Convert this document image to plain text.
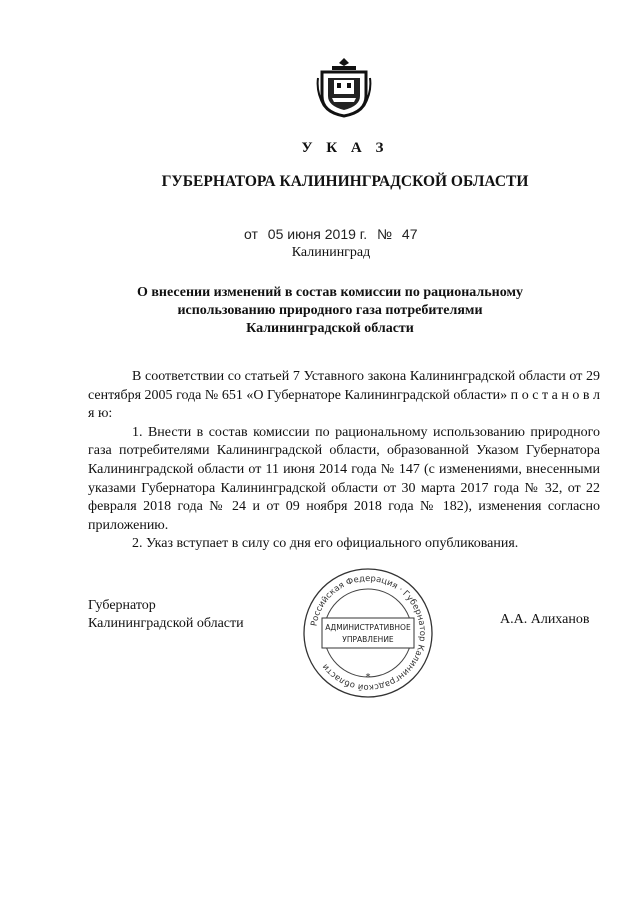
У К А З
ГУБЕРНАТОРА КАЛИНИНГРАДСКОЙ ОБЛАСТИ
от 05 июня 2019 г. № 47
Калининград
О внесении изменений в состав комиссии по рациональному использованию природного газа потребителями Калининградской области

В соответствии со статьей 7 Уставного закона Калининградской области от 29 сентября 2005 года № 651 «О Губернаторе Калининградской области» п о с т а н о в л я ю:

1. Внести в состав комиссии по рациональному использованию природного газа потребителями Калининградской области, образованной Указом Губернатора Калининградской области от 11 июня 2014 года № 147 (с изменениями, внесенными указами Губернатора Калининградской области от 30 марта 2017 года № 32, от 22 февраля 2018 года № 24 и от 09 ноября 2018 года № 182), изменения согласно приложению.

2. Указ вступает в силу со дня его официального опубликования.

Губернатор
Калининградской области	А.А. Алиханов
Российская Федерация · Губернатор Калининградской области
АДМИНИСТРАТИВНОЕ
УПРАВЛЕНИЕ
*
